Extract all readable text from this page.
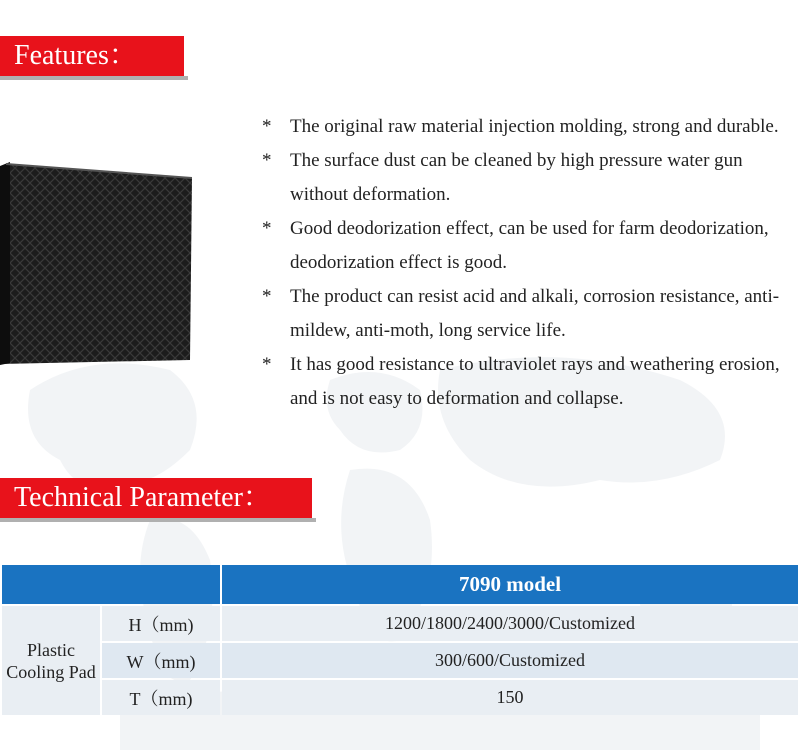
Features：
* The original raw material injection molding, strong and durable.
* The surface dust can be cleaned by high pressure water gun without deformation.
* Good deodorization effect, can be used for farm deodorization, deodorization effect is good.
* The product can resist acid and alkali, corrosion resistance, anti-mildew, anti-moth, long service life.
* It has good resistance to ultraviolet rays and weathering erosion, and is not easy to deformation and collapse.
Technical Parameter：
		7090 model
Plastic Cooling Pad	H（mm)	1200/1800/2400/3000/Customized
	W（mm)	300/600/Customized
	T（mm)	150
